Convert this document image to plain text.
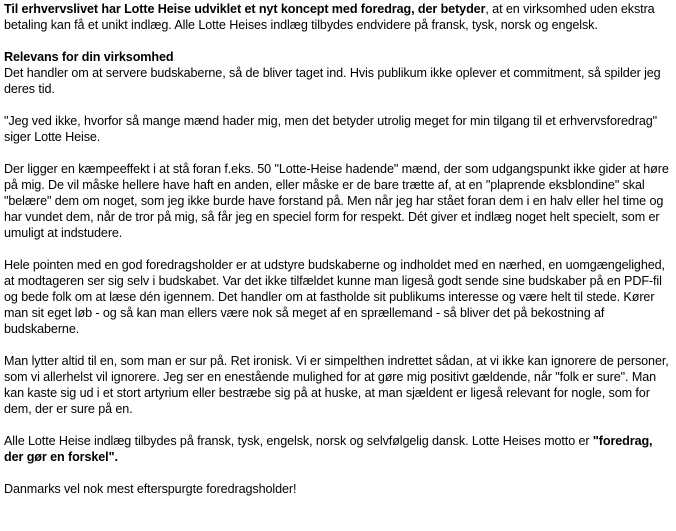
Til erhvervslivet har Lotte Heise udviklet et nyt koncept med foredrag, der betyder, at en virksomhed uden ekstra betaling kan få et unikt indlæg. Alle Lotte Heises indlæg tilbydes endvidere på fransk, tysk, norsk og engelsk.

Relevans for din virksomhed
Det handler om at servere budskaberne, så de bliver taget ind. Hvis publikum ikke oplever et commitment, så spilder jeg deres tid.

"Jeg ved ikke, hvorfor så mange mænd hader mig, men det betyder utrolig meget for min tilgang til et erhvervsforedrag" siger Lotte Heise.

Der ligger en kæmpeeffekt i at stå foran f.eks. 50 "Lotte-Heise hadende" mænd, der som udgangspunkt ikke gider at høre på mig. De vil måske hellere have haft en anden, eller måske er de bare trætte af, at en "plaprende eksblondine" skal "belære" dem om noget, som jeg ikke burde have forstand på. Men når jeg har stået foran dem i en halv eller hel time og har vundet dem, når de tror på mig, så får jeg en speciel form for respekt. Dét giver et indlæg noget helt specielt, som er umuligt at indstudere.

Hele pointen med en god foredragsholder er at udstyre budskaberne og indholdet med en nærhed, en uomgængelighed, at modtageren ser sig selv i budskabet. Var det ikke tilfældet kunne man ligeså godt sende sine budskaber på en PDF-fil og bede folk om at læse dén igennem. Det handler om at fastholde sit publikums interesse og være helt til stede. Kører man sit eget løb - og så kan man ellers være nok så meget af en sprællemand - så bliver det på bekostning af budskaberne.

Man lytter altid til en, som man er sur på. Ret ironisk. Vi er simpelthen indrettet sådan, at vi ikke kan ignorere de personer, som vi allerhelst vil ignorere. Jeg ser en enestående mulighed for at gøre mig positivt gældende, når "folk er sure". Man kan kaste sig ud i et stort artyrium eller bestræbe sig på at huske, at man sjældent er ligeså relevant for nogle, som for dem, der er sure på en.

Alle Lotte Heise indlæg tilbydes på fransk, tysk, engelsk, norsk og selvfølgelig dansk. Lotte Heises motto er "foredrag, der gør en forskel".

Danmarks vel nok mest efterspurgte foredragsholder!
